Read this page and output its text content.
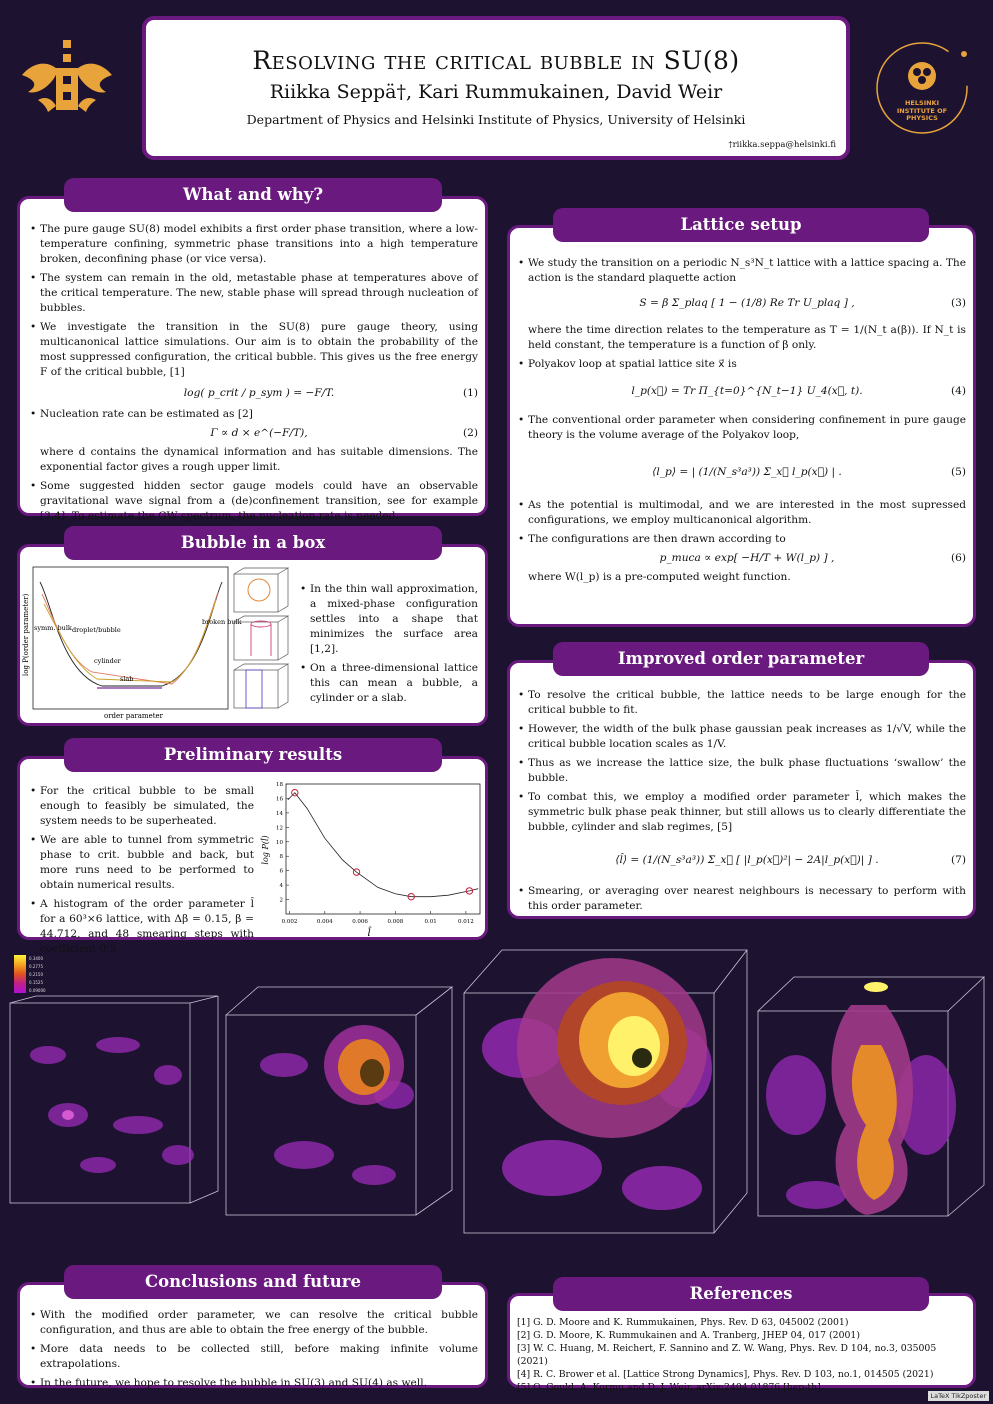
HELSINKI INSTITUTE OF PHYSICS
Resolving the critical bubble in SU(8)
Riikka Seppä†, Kari Rummukainen, David Weir
Department of Physics and Helsinki Institute of Physics, University of Helsinki
†riikka.seppa@helsinki.fi
What and why?
• The pure gauge SU(8) model exhibits a first order phase transition, where a low-temperature confining, symmetric phase transitions into a high temperature broken, deconfining phase (or vice versa).
• The system can remain in the old, metastable phase at temperatures above of the critical temperature. The new, stable phase will spread through nucleation of bubbles.
• We investigate the transition in the SU(8) pure gauge theory, using multicanonical lattice simulations. Our aim is to obtain the probability of the most suppressed configuration, the critical bubble. This gives us the free energy F of the critical bubble, [1]
log( p_crit / p_sym ) = −F/T.	(1)
• Nucleation rate can be estimated as [2]
Γ ∝ d × e^(−F/T),	(2)
where d contains the dynamical information and has suitable dimensions. The exponential factor gives a rough upper limit.
• Some suggested hidden sector gauge models could have an observable gravitational wave signal from a (de)confinement transition, see for example [3,4]. To estimate the GW spectrum, the nucleation rate is needed.
Bubble in a box
log P(order parameter)
order parameter
symm. bulk
broken bulk
droplet/bubble
cylinder
slab
• In the thin wall approximation, a mixed-phase configuration settles into a shape that minimizes the surface area [1,2].
• On a three-dimensional lattice this can mean a bubble, a cylinder or a slab.
Preliminary results
• For the critical bubble to be small enough to feasibly be simulated, the system needs to be superheated.
• We are able to tunnel from symmetric phase to crit. bubble and back, but more runs need to be performed to obtain numerical results.
• A histogram of the order parameter l̂ for a 60³×6 lattice, with Δβ = 0.15, β = 44.712, and 48 smearing steps with coefficient 0.5.
0.002	0.004	0.006	0.008	0.01	0.012
2
4
6
8
10
12
14
16
18
l̂
log P(l̂)
Lattice setup
• We study the transition on a periodic N_s³N_t lattice with a lattice spacing a. The action is the standard plaquette action
S = β Σ_plaq [ 1 − (1/8) Re Tr U_plaq ] ,	(3)
where the time direction relates to the temperature as T = 1/(N_t a(β)). If N_t is held constant, the temperature is a function of β only.
• Polyakov loop at spatial lattice site x⃗ is
l_p(x⃗) = Tr Π_{t=0}^{N_t−1} U_4(x⃗, t).	(4)
• The conventional order parameter when considering confinement in pure gauge theory is the volume average of the Polyakov loop,
⟨l_p⟩ = | (1/(N_s³a³)) Σ_x⃗ l_p(x⃗) | .	(5)
• As the potential is multimodal, and we are interested in the most supressed configurations, we employ multicanonical algorithm.
• The configurations are then drawn according to
p_muca ∝ exp[ −H/T + W(l_p) ] ,	(6)
where W(l_p) is a pre-computed weight function.
Improved order parameter
• To resolve the critical bubble, the lattice needs to be large enough for the critical bubble to fit.
• However, the width of the bulk phase gaussian peak increases as 1/√V, while the critical bubble location scales as 1/V.
• Thus as we increase the lattice size, the bulk phase fluctuations ‘swallow’ the bubble.
• To combat this, we employ a modified order parameter l̂, which makes the symmetric bulk phase peak thinner, but still allows us to clearly differentiate the bubble, cylinder and slab regimes, [5]
⟨l̂⟩ = (1/(N_s³a³)) Σ_x⃗ [ |l_p(x⃗)²| − 2A|l_p(x⃗)| ] .	(7)
• Smearing, or averaging over nearest neighbours is necessary to perform with this order parameter.
0.3400
0.2775
0.2150
0.1525
0.09000
Conclusions and future
• With the modified order parameter, we can resolve the critical bubble configuration, and thus are able to obtain the free energy of the bubble.
• More data needs to be collected still, before making infinite volume extrapolations.
• In the future, we hope to resolve the bubble in SU(3) and SU(4) as well.
References
[1] G. D. Moore and K. Rummukainen, Phys. Rev. D 63, 045002 (2001)
[2] G. D. Moore, K. Rummukainen and A. Tranberg, JHEP 04, 017 (2001)
[3] W. C. Huang, M. Reichert, F. Sannino and Z. W. Wang, Phys. Rev. D 104, no.3, 035005 (2021)
[4] R. C. Brower et al. [Lattice Strong Dynamics], Phys. Rev. D 103, no.1, 014505 (2021)
[5] O. Gould, A. Kormu and D. J. Weir, arXiv:2404.01876 [hep-th].
LaTeX TikZposter
